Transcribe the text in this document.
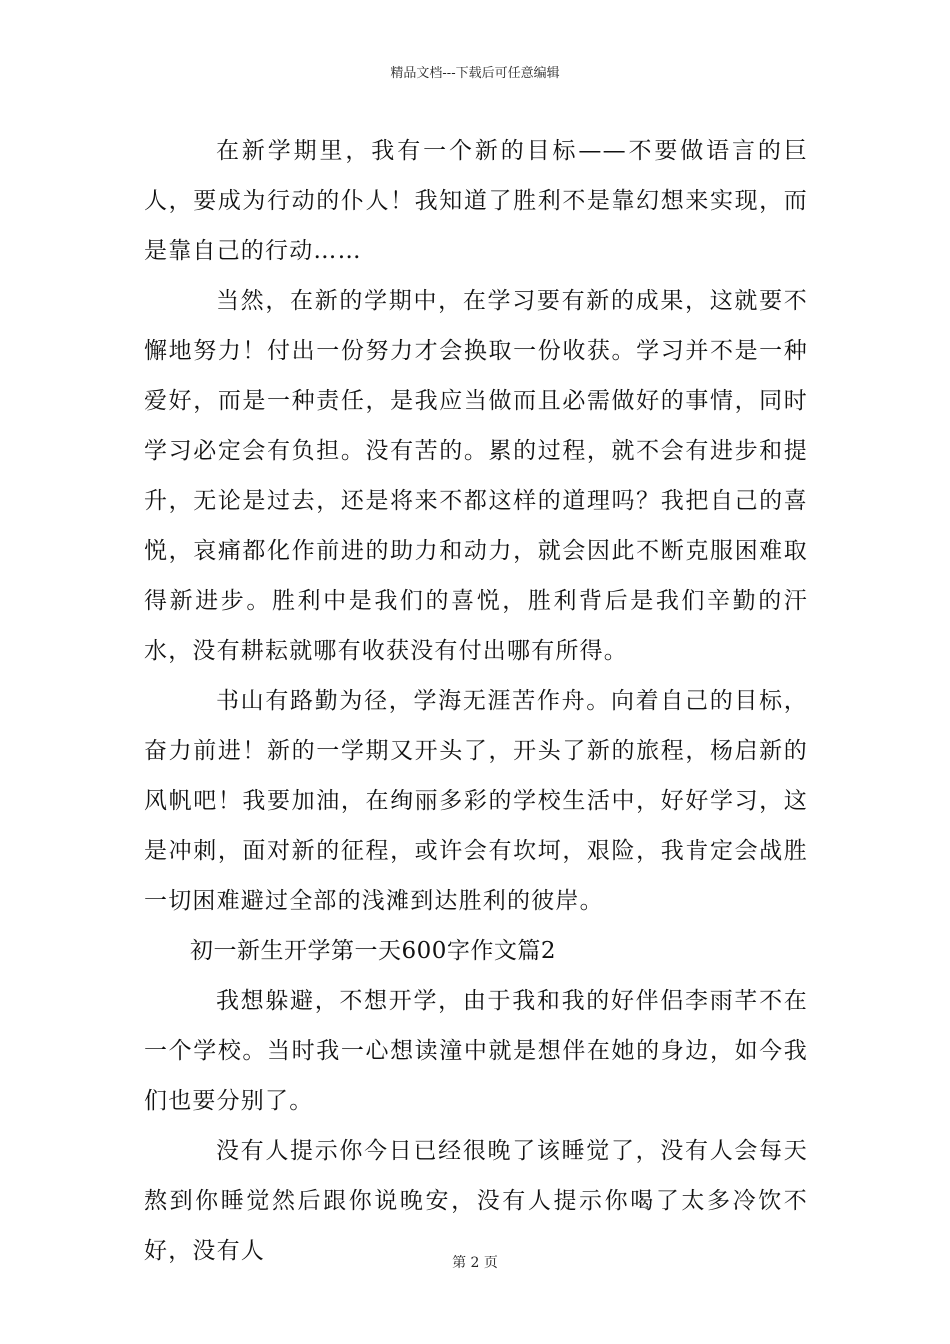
精品文档---下载后可任意编辑

在新学期里，我有一个新的目标——不要做语言的巨人，要成为行动的仆人！我知道了胜利不是靠幻想来实现，而是靠自己的行动……

当然，在新的学期中，在学习要有新的成果，这就要不懈地努力！付出一份努力才会换取一份收获。学习并不是一种爱好，而是一种责任，是我应当做而且必需做好的事情，同时学习必定会有负担。没有苦的。累的过程，就不会有进步和提升，无论是过去，还是将来不都这样的道理吗？我把自己的喜悦，哀痛都化作前进的助力和动力，就会因此不断克服困难取得新进步。胜利中是我们的喜悦，胜利背后是我们辛勤的汗水，没有耕耘就哪有收获没有付出哪有所得。

书山有路勤为径，学海无涯苦作舟。向着自己的目标，奋力前进！新的一学期又开头了，开头了新的旅程，杨启新的风帆吧！我要加油，在绚丽多彩的学校生活中，好好学习，这是冲刺，面对新的征程，或许会有坎坷，艰险，我肯定会战胜一切困难避过全部的浅滩到达胜利的彼岸。

初一新生开学第一天600字作文篇2

我想躲避，不想开学，由于我和我的好伴侣李雨芊不在一个学校。当时我一心想读潼中就是想伴在她的身边，如今我们也要分别了。

没有人提示你今日已经很晚了该睡觉了，没有人会每天熬到你睡觉然后跟你说晚安，没有人提示你喝了太多冷饮不好，没有人	第 2 页
